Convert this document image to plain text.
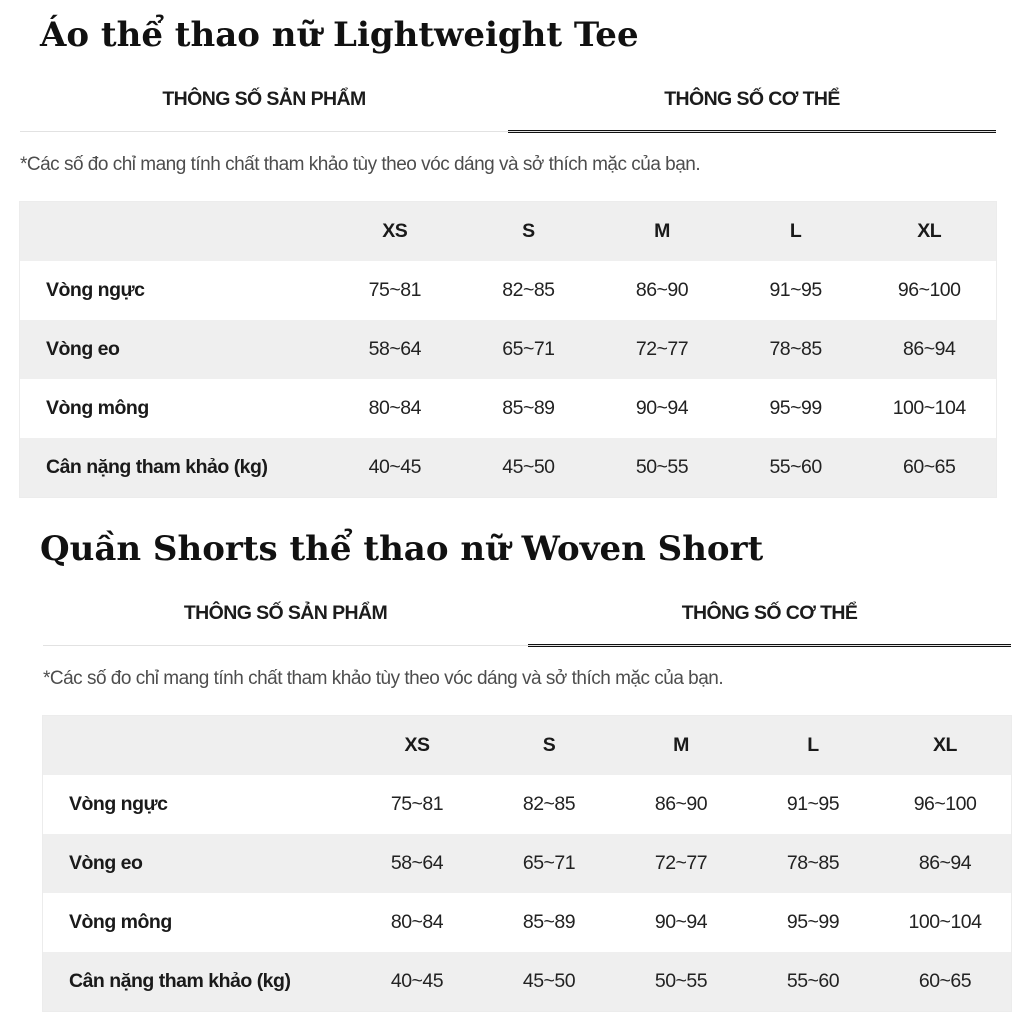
Áo thể thao nữ Lightweight Tee
THÔNG SỐ SẢN PHẨM	THÔNG SỐ CƠ THỂ

*Các số đo chỉ mang tính chất tham khảo tùy theo vóc dáng và sở thích mặc của bạn.

	XS	S	M	L	XL
Vòng ngực	75~81	82~85	86~90	91~95	96~100
Vòng eo	58~64	65~71	72~77	78~85	86~94
Vòng mông	80~84	85~89	90~94	95~99	100~104
Cân nặng tham khảo (kg)	40~45	45~50	50~55	55~60	60~65
Quần Shorts thể thao nữ Woven Short
THÔNG SỐ SẢN PHẨM	THÔNG SỐ CƠ THỂ

*Các số đo chỉ mang tính chất tham khảo tùy theo vóc dáng và sở thích mặc của bạn.

	XS	S	M	L	XL
Vòng ngực	75~81	82~85	86~90	91~95	96~100
Vòng eo	58~64	65~71	72~77	78~85	86~94
Vòng mông	80~84	85~89	90~94	95~99	100~104
Cân nặng tham khảo (kg)	40~45	45~50	50~55	55~60	60~65
